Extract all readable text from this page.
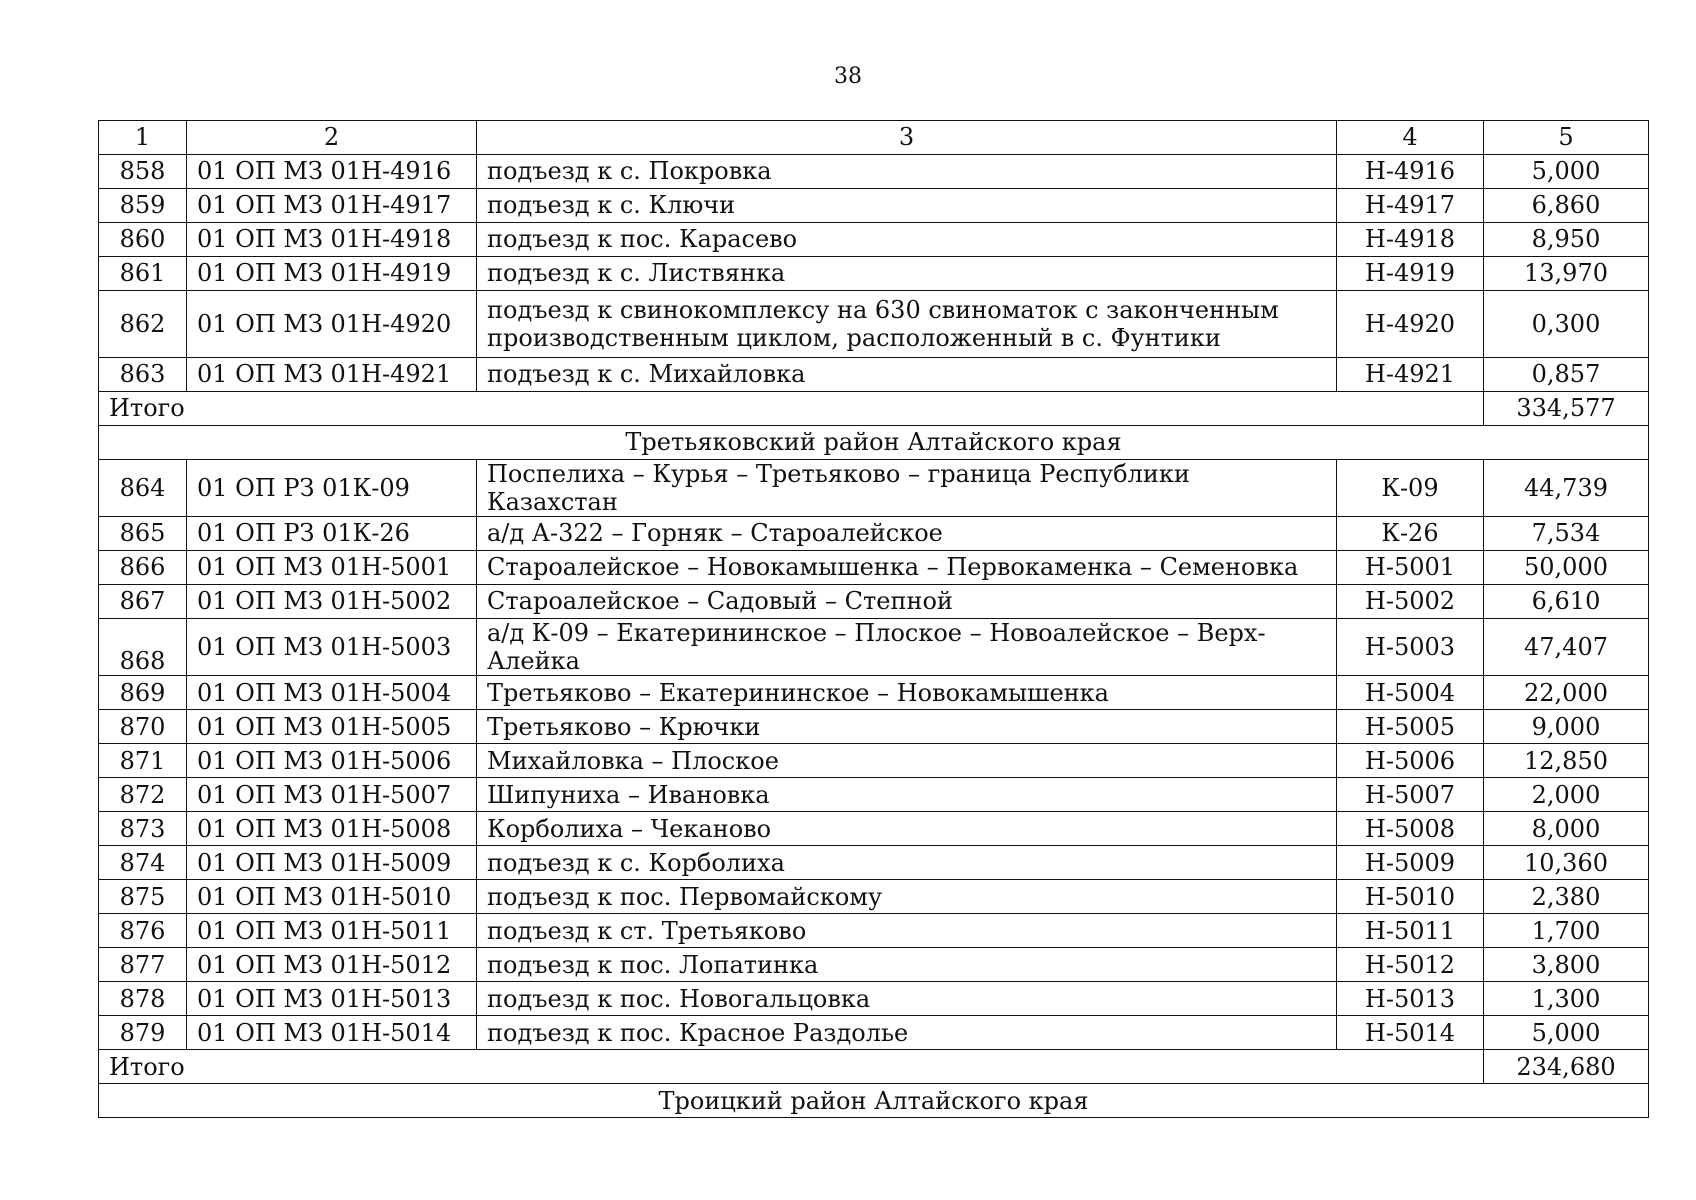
38
1	2	3	4	5
858	01 ОП МЗ 01Н-4916	подъезд к с. Покровка	Н-4916	5,000
859	01 ОП МЗ 01Н-4917	подъезд к с. Ключи	Н-4917	6,860
860	01 ОП МЗ 01Н-4918	подъезд к пос. Карасево	Н-4918	8,950
861	01 ОП МЗ 01Н-4919	подъезд к с. Листвянка	Н-4919	13,970
862	01 ОП МЗ 01Н-4920	подъезд к свинокомплексу на 630 свиноматок с законченным производственным циклом, расположенный в с. Фунтики	Н-4920	0,300
863	01 ОП МЗ 01Н-4921	подъезд к с. Михайловка	Н-4921	0,857
Итого				334,577
Третьяковский район Алтайского края				
864	01 ОП РЗ 01К-09	Поспелиха – Курья – Третьяково – граница Республики Казахстан	К-09	44,739
865	01 ОП РЗ 01К-26	а/д А-322 – Горняк – Староалейское	К-26	7,534
866	01 ОП МЗ 01Н-5001	Староалейское – Новокамышенка – Первокаменка – Семеновка	Н-5001	50,000
867	01 ОП МЗ 01Н-5002	Староалейское – Садовый – Степной	Н-5002	6,610
868	01 ОП МЗ 01Н-5003	а/д К-09 – Екатерининское – Плоское – Новоалейское – Верх-Алейка	Н-5003	47,407
869	01 ОП МЗ 01Н-5004	Третьяково – Екатерининское – Новокамышенка	Н-5004	22,000
870	01 ОП МЗ 01Н-5005	Третьяково – Крючки	Н-5005	9,000
871	01 ОП МЗ 01Н-5006	Михайловка – Плоское	Н-5006	12,850
872	01 ОП МЗ 01Н-5007	Шипуниха – Ивановка	Н-5007	2,000
873	01 ОП МЗ 01Н-5008	Корболиха – Чеканово	Н-5008	8,000
874	01 ОП МЗ 01Н-5009	подъезд к с. Корболиха	Н-5009	10,360
875	01 ОП МЗ 01Н-5010	подъезд к пос. Первомайскому	Н-5010	2,380
876	01 ОП МЗ 01Н-5011	подъезд к ст. Третьяково	Н-5011	1,700
877	01 ОП МЗ 01Н-5012	подъезд к пос. Лопатинка	Н-5012	3,800
878	01 ОП МЗ 01Н-5013	подъезд к пос. Новогальцовка	Н-5013	1,300
879	01 ОП МЗ 01Н-5014	подъезд к пос. Красное Раздолье	Н-5014	5,000
Итого				234,680
Троицкий район Алтайского края				
